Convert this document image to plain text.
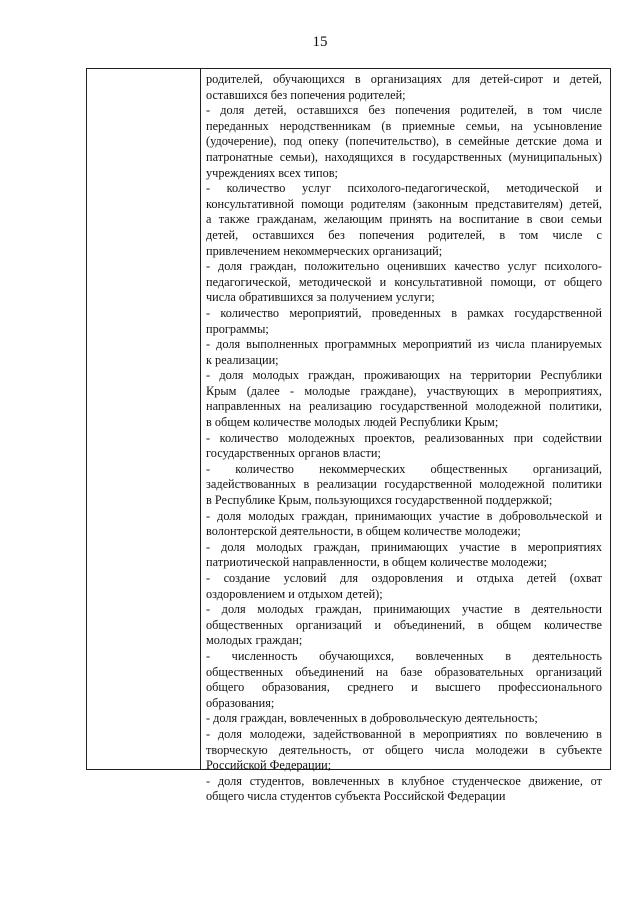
15
родителей, обучающихся в организациях для детей-сирот и детей,
оставшихся без попечения родителей;
- доля детей, оставшихся без попечения родителей, в том числе
переданных неродственникам (в приемные семьи, на усыновление
(удочерение), под опеку (попечительство), в семейные детские дома и
патронатные семьи), находящихся в государственных (муниципальных)
учреждениях всех типов;
- количество услуг психолого-педагогической, методической и
консультативной помощи родителям (законным представителям) детей,
а также гражданам, желающим принять на воспитание в свои семьи
детей, оставшихся без попечения родителей, в том числе с
привлечением некоммерческих организаций;
- доля граждан, положительно оценивших качество услуг психолого-
педагогической, методической и консультативной помощи, от общего
числа обратившихся за получением услуги;
- количество мероприятий, проведенных в рамках государственной
программы;
- доля выполненных программных мероприятий из числа планируемых
к реализации;
- доля молодых граждан, проживающих на территории Республики
Крым (далее - молодые граждане), участвующих в мероприятиях,
направленных на реализацию государственной молодежной политики,
в общем количестве молодых людей Республики Крым;
- количество молодежных проектов, реализованных при содействии
государственных органов власти;
- количество некоммерческих общественных организаций,
задействованных в реализации государственной молодежной политики
в Республике Крым, пользующихся государственной поддержкой;
- доля молодых граждан, принимающих участие в добровольческой и
волонтерской деятельности, в общем количестве молодежи;
- доля молодых граждан, принимающих участие в мероприятиях
патриотической направленности, в общем количестве молодежи;
- создание условий для оздоровления и отдыха детей (охват
оздоровлением и отдыхом детей);
- доля молодых граждан, принимающих участие в деятельности
общественных организаций и объединений, в общем количестве
молодых граждан;
- численность обучающихся, вовлеченных в деятельность
общественных объединений на базе образовательных организаций
общего образования, среднего и высшего профессионального
образования;
- доля граждан, вовлеченных в добровольческую деятельность;
- доля молодежи, задействованной в мероприятиях по вовлечению в
творческую деятельность, от общего числа молодежи в субъекте
Российской Федерации;
- доля студентов, вовлеченных в клубное студенческое движение, от
общего числа студентов субъекта Российской Федерации
